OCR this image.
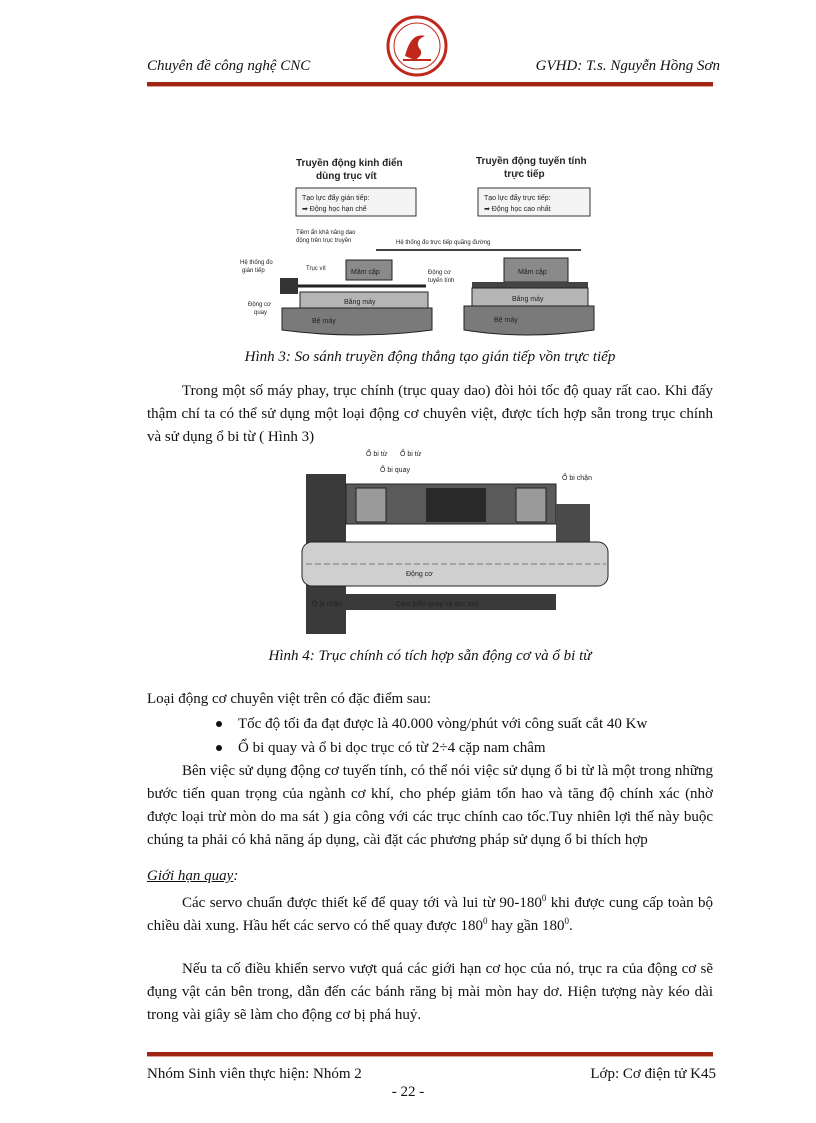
Chuyên đề công nghệ CNC	GVHD: T.s. Nguyễn Hồng Sơn
Truyền động kinh điển
dùng trục vít
Truyền động tuyến tính
trực tiếp
Tạo lực đẩy gián tiếp:
➡ Động học hạn chế
Tạo lực đẩy trực tiếp:
➡ Động học cao nhất
Tiềm ẩn khả năng dao
động trên trục truyền	Hệ thống đo trực tiếp quãng đường
Hệ thống đo
gián tiếp	Trục vít
Động cơ
quay
Mâm cặp
Băng máy
Bệ máy
Động cơ
tuyến tính
Mâm cặp
Băng máy
Bệ máy
Hình 3: So sánh truyền động thẳng tạo gián tiếp vồn trực tiếp
Trong một số máy phay, trục chính (trục quay dao) đòi hỏi tốc độ quay rất cao. Khi đấy thậm chí ta có thể sử dụng một loại động cơ chuyên việt, được tích hợp sẵn trong trục chính và sử dụng ổ bi từ ( Hình 3)
Ổ bi từ Ổ bi từ
Ổ bi quay
Ổ bi chặn
Động cơ
Ổ bi chặn	Cảm biến quay và dọc trục
Hình 4: Trục chính có tích hợp sẵn động cơ và ổ bi từ
Loại động cơ chuyên việt trên có đặc điểm sau:
Tốc độ tối đa đạt được là 40.000 vòng/phút với công suất cắt 40 Kw
Ổ bi quay và ổ bi dọc trục có từ 2÷4 cặp nam châm
Bên việc sử dụng động cơ tuyến tính, có thể nói việc sử dụng ổ bi từ là một trong những bước tiến quan trọng của ngành cơ khí, cho phép giảm tổn hao và tăng độ chính xác (nhờ được loại trừ mòn do ma sát ) gia công với các trục chính cao tốc.Tuy nhiên lợi thế này buộc chúng ta phải có khả năng áp dụng, cài đặt các phương pháp sử dụng ổ bi thích hợp
Giới hạn quay:
Các servo chuẩn được thiết kế để quay tới và lui từ $90-180^0$ khi được cung cấp toàn bộ chiều dài xung. Hầu hết các servo có thể quay được $180^0$ hay gần $180^0$.
Nếu ta cố điều khiển servo vượt quá các giới hạn cơ học của nó, trục ra của động cơ sẽ đụng vật cản bên trong, dẫn đến các bánh răng bị mài mòn hay dơ. Hiện tượng này kéo dài trong vài giây sẽ làm cho động cơ bị phá huỷ.
Nhóm Sinh viên thực hiện: Nhóm 2	Lớp: Cơ điện tử K45
- 22 -
